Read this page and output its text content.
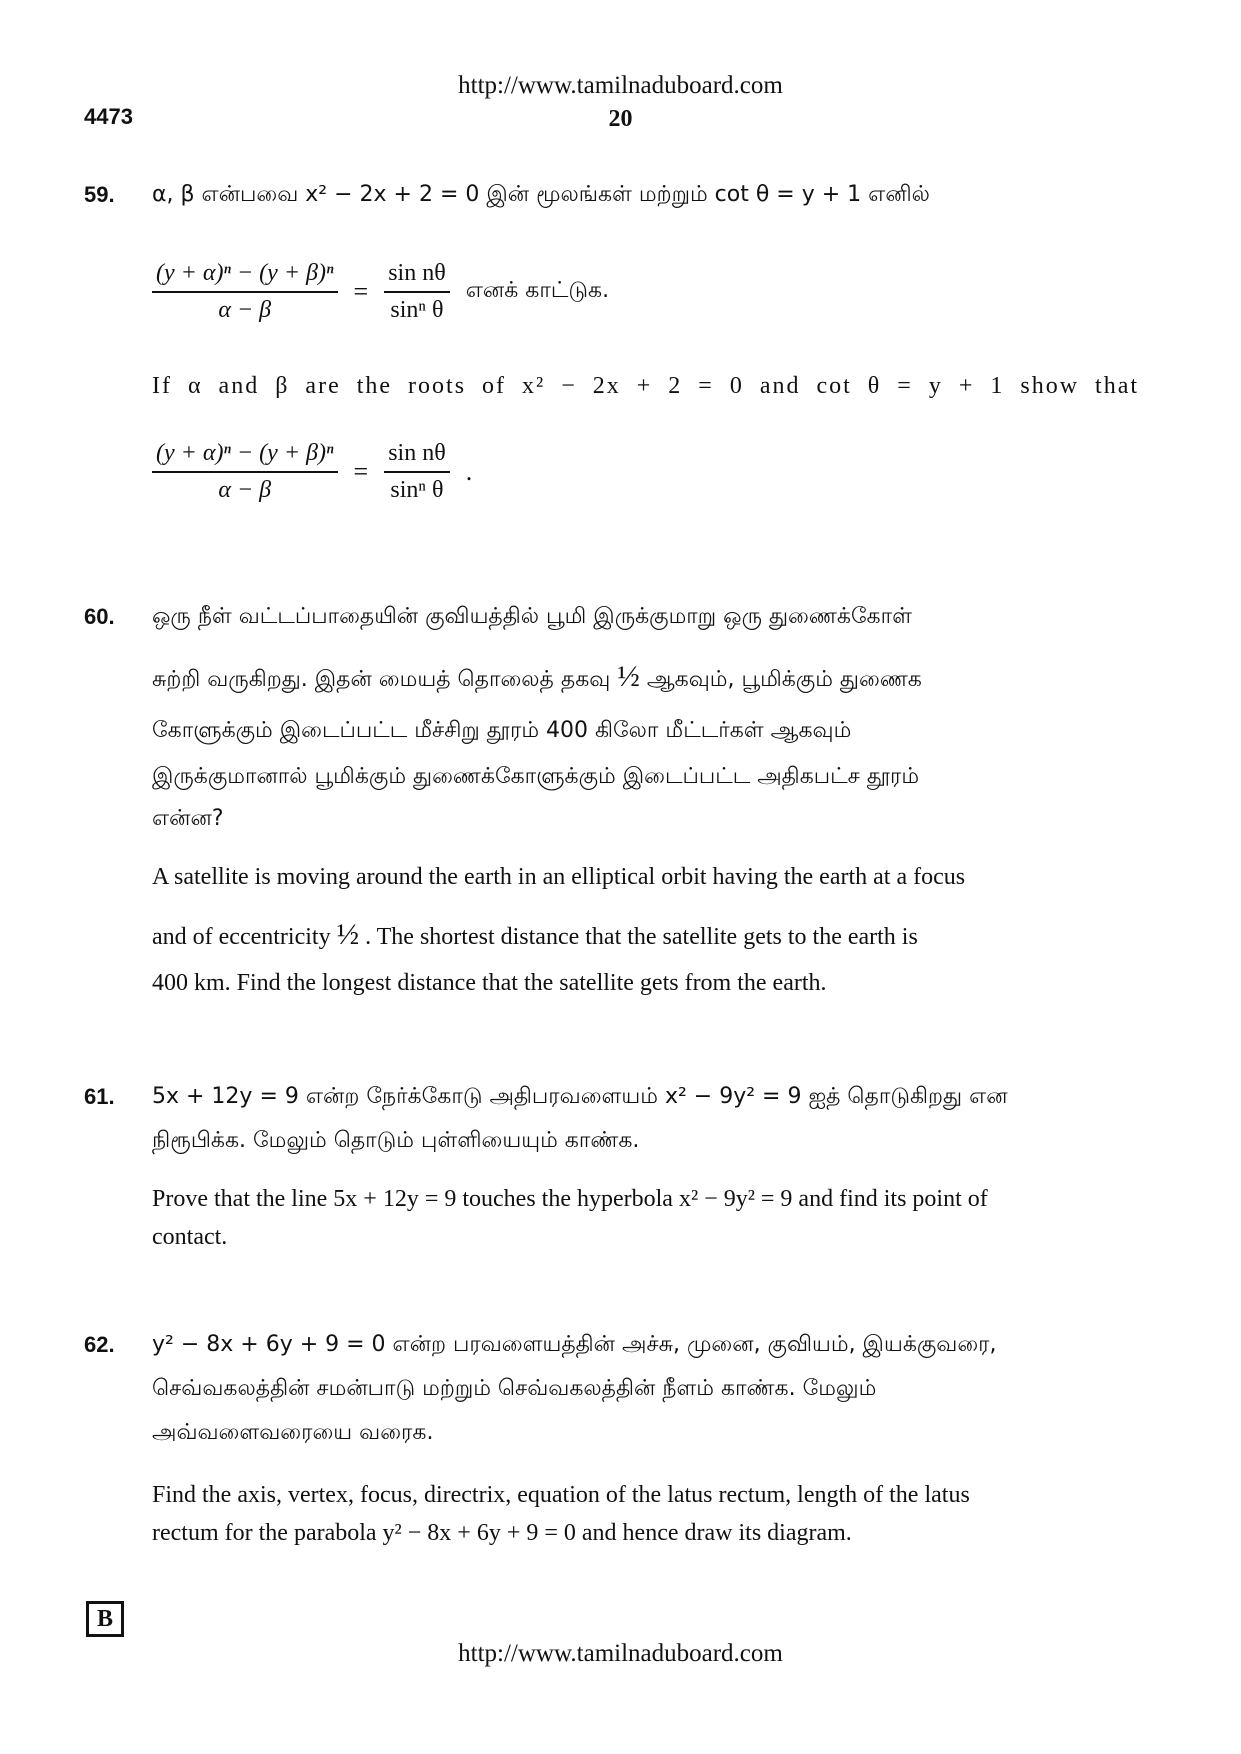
http://www.tamilnaduboard.com
4473	20
59. α, β என்பவை x² − 2x + 2 = 0 இன் மூலங்கள் மற்றும் cot θ = y + 1 எனில்
$\frac{\text{(y + α)ⁿ − (y + β)ⁿ}}{\alpha - \beta} = \frac{\text{sin nθ}}{\text{sinⁿ θ}}$ எனக் காட்டுக.
If α and β are the roots of x² − 2x + 2 = 0 and cot θ = y + 1 show that
$\frac{\text{(y + α)ⁿ − (y + β)ⁿ}}{\alpha - \beta} = \frac{\text{sin nθ}}{\text{sinⁿ θ}}$ .
60. ஒரு நீள் வட்டப்பாதையின் குவியத்தில் பூமி இருக்குமாறு ஒரு துணைக்கோள்
சுற்றி வருகிறது. இதன் மையத் தொலைத் தகவு ½ ஆகவும், பூமிக்கும் துணைக
கோளுக்கும் இடைப்பட்ட மீச்சிறு தூரம் 400 கிலோ மீட்டர்கள் ஆகவும்
இருக்குமானால் பூமிக்கும் துணைக்கோளுக்கும் இடைப்பட்ட அதிகபட்ச தூரம்
என்ன?
A satellite is moving around the earth in an elliptical orbit having the earth at a focus
and of eccentricity ½ . The shortest distance that the satellite gets to the earth is
400 km. Find the longest distance that the satellite gets from the earth.
61. 5x + 12y = 9 என்ற நேர்க்கோடு அதிபரவளையம் x² − 9y² = 9 ஐத் தொடுகிறது என
நிரூபிக்க. மேலும் தொடும் புள்ளியையும் காண்க.
Prove that the line 5x + 12y = 9 touches the hyperbola x² − 9y² = 9 and find its point of
contact.
62. y² − 8x + 6y + 9 = 0 என்ற பரவளையத்தின் அச்சு, முனை, குவியம், இயக்குவரை,
செவ்வகலத்தின் சமன்பாடு மற்றும் செவ்வகலத்தின் நீளம் காண்க. மேலும்
அவ்வளைவரையை வரைக.
Find the axis, vertex, focus, directrix, equation of the latus rectum, length of the latus
rectum for the parabola y² − 8x + 6y + 9 = 0 and hence draw its diagram.
B
http://www.tamilnaduboard.com
